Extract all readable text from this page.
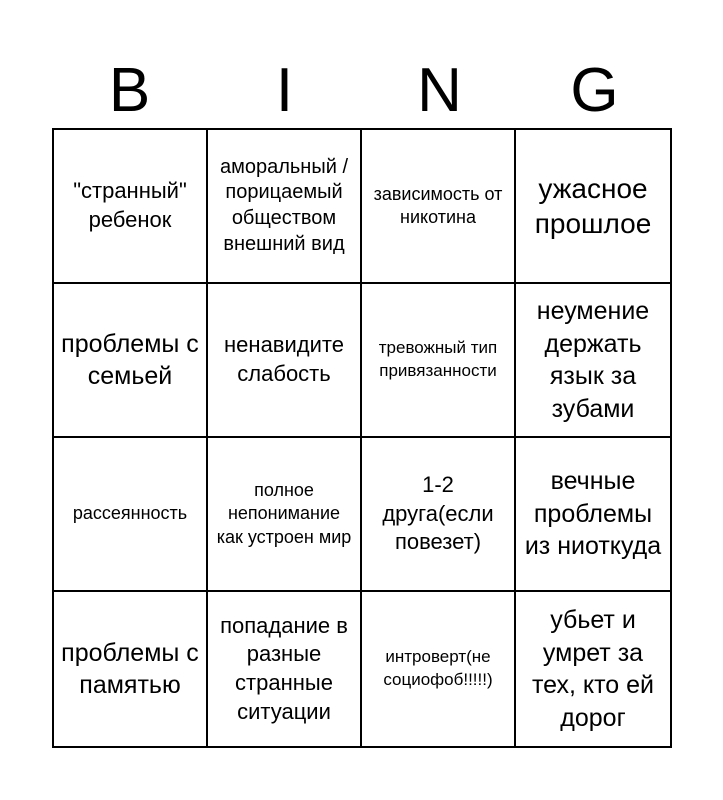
B	I	N	G
"странный" ребенок
аморальный / порицаемый обществом внешний вид
зависимость от никотина
ужасное прошлое
проблемы с семьей
ненавидите слабость
тревожный тип привязанности
неумение держать язык за зубами
рассеянность
полное непонимание как устроен мир
1-2 друга(если повезет)
вечные проблемы из ниоткуда
проблемы с памятью
попадание в разные странные ситуации
интроверт(не социофоб!!!!!)
убьет и умрет за тех, кто ей дорог
